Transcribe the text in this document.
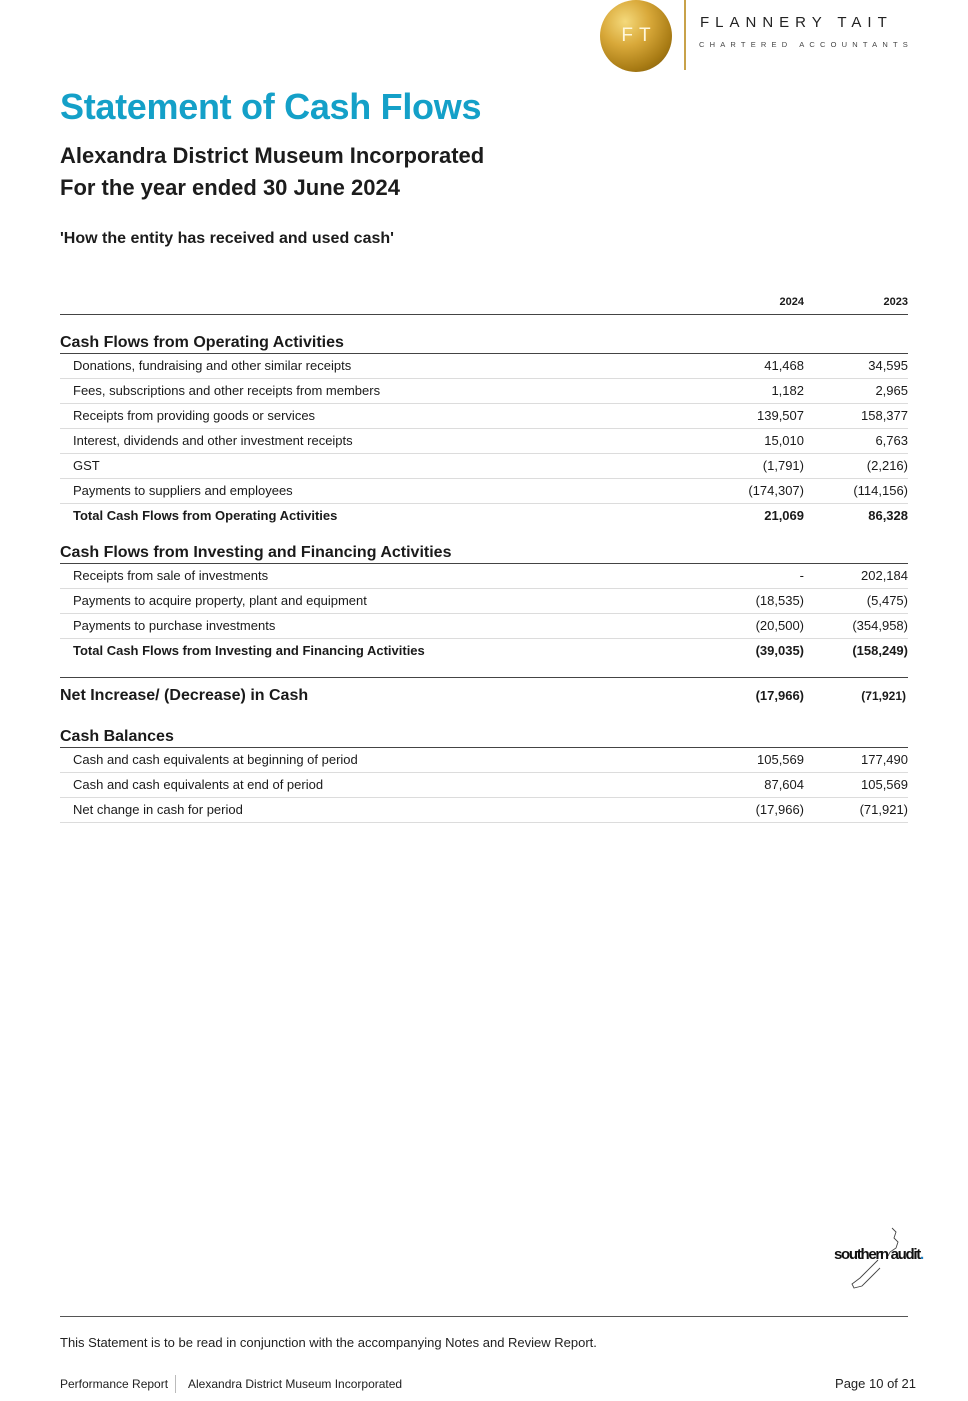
FT
FLANNERY TAIT
CHARTERED ACCOUNTANTS
Statement of Cash Flows
Alexandra District Museum Incorporated
For the year ended 30 June 2024

'How the entity has received and used cash'

2024	2023
Cash Flows from Operating Activities
Donations, fundraising and other similar receipts	41,468	34,595
Fees, subscriptions and other receipts from members	1,182	2,965
Receipts from providing goods or services	139,507	158,377
Interest, dividends and other investment receipts	15,010	6,763
GST	(1,791)	(2,216)
Payments to suppliers and employees	(174,307)	(114,156)
Total Cash Flows from Operating Activities	21,069	86,328
Cash Flows from Investing and Financing Activities
Receipts from sale of investments	-	202,184
Payments to acquire property, plant and equipment	(18,535)	(5,475)
Payments to purchase investments	(20,500)	(354,958)
Total Cash Flows from Investing and Financing Activities	(39,035)	(158,249)
Net Increase/ (Decrease) in Cash	(17,966)	(71,921)
Cash Balances
Cash and cash equivalents at beginning of period	105,569	177,490
Cash and cash equivalents at end of period	87,604	105,569
Net change in cash for period	(17,966)	(71,921)
southern audit.
This Statement is to be read in conjunction with the accompanying Notes and Review Report.
Performance Report Alexandra District Museum Incorporated	Page 10 of 21
